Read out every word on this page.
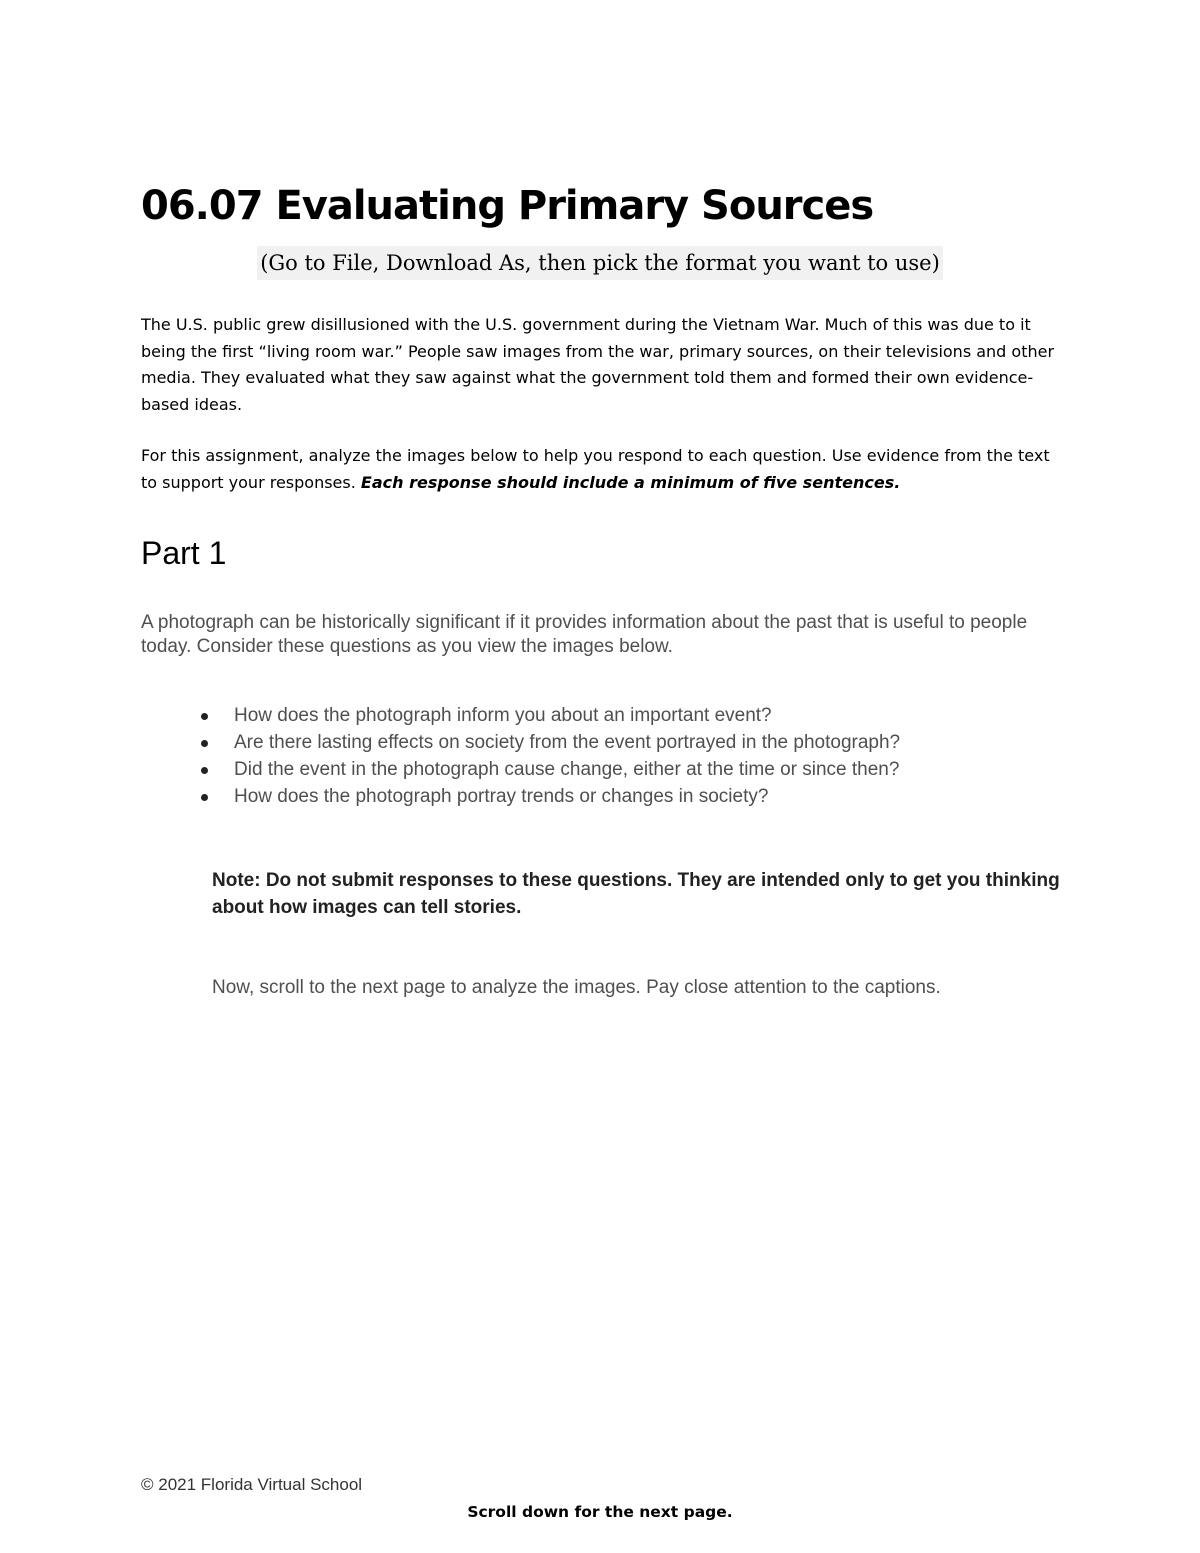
06.07 Evaluating Primary Sources
(Go to File, Download As, then pick the format you want to use)

The U.S. public grew disillusioned with the U.S. government during the Vietnam War. Much of this was due to it being the first “living room war.” People saw images from the war, primary sources, on their televisions and other media. They evaluated what they saw against what the government told them and formed their own evidence-based ideas.

For this assignment, analyze the images below to help you respond to each question. Use evidence from the text to support your responses. Each response should include a minimum of five sentences.

Part 1

A photograph can be historically significant if it provides information about the past that is useful to people today. Consider these questions as you view the images below.

How does the photograph inform you about an important event?
Are there lasting effects on society from the event portrayed in the photograph?
Did the event in the photograph cause change, either at the time or since then?
How does the photograph portray trends or changes in society?

Note: Do not submit responses to these questions. They are intended only to get you thinking about how images can tell stories.

Now, scroll to the next page to analyze the images. Pay close attention to the captions.

© 2021 Florida Virtual School

Scroll down for the next page.
